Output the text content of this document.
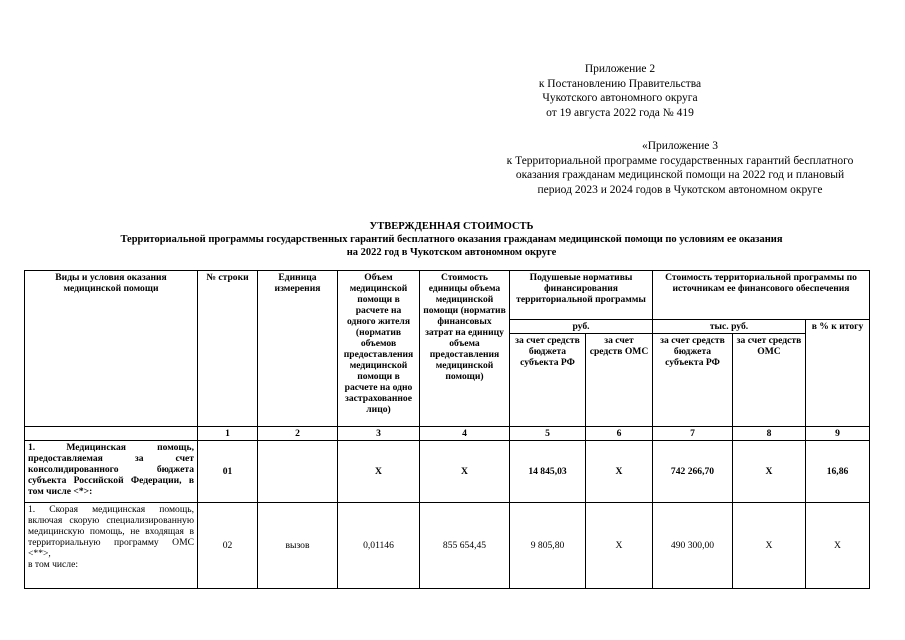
Приложение 2
к Постановлению Правительства
Чукотского автономного округа
от 19 августа 2022 года № 419
«Приложение 3
к Территориальной программе государственных гарантий бесплатного
оказания гражданам медицинской помощи на 2022 год и плановый
период 2023 и 2024 годов в Чукотском автономном округе
УТВЕРЖДЕННАЯ СТОИМОСТЬ
Территориальной программы государственных гарантий бесплатного оказания гражданам медицинской помощи по условиям ее оказания
на 2022 год в Чукотском автономном округе
Виды и условия оказания медицинской помощи	№ строки	Единица измерения	Объем медицинской помощи в расчете на одного жителя (норматив объемов предоставления медицинской помощи в расчете на одно застрахованное лицо)	Стоимость единицы объема медицинской помощи (норматив финансовых затрат на единицу объема предоставления медицинской помощи)	Подушевые нормативы финансирования территориальной программы		Стоимость территориальной программы по источникам ее финансового обеспечения		
					руб.		тыс. руб.		в % к итогу
					за счет средств бюджета субъекта РФ	за счет средств ОМС	за счет средств бюджета субъекта РФ	за счет средств ОМС	
	1	2	3	4	5	6	7	8	9
1. Медицинская помощь, предоставляемая за счет консолидированного бюджета субъекта Российской Федерации, в том числе <*>:	01		X	X	14 845,03	X	742 266,70	X	16,86

1. Скорая медицинская помощь, включая скорую специализированную медицинскую помощь, не входящая в территориальную программу ОМС <**>,
в том числе:	02	вызов	0,01146	855 654,45	9 805,80	X	490 300,00	X	X
